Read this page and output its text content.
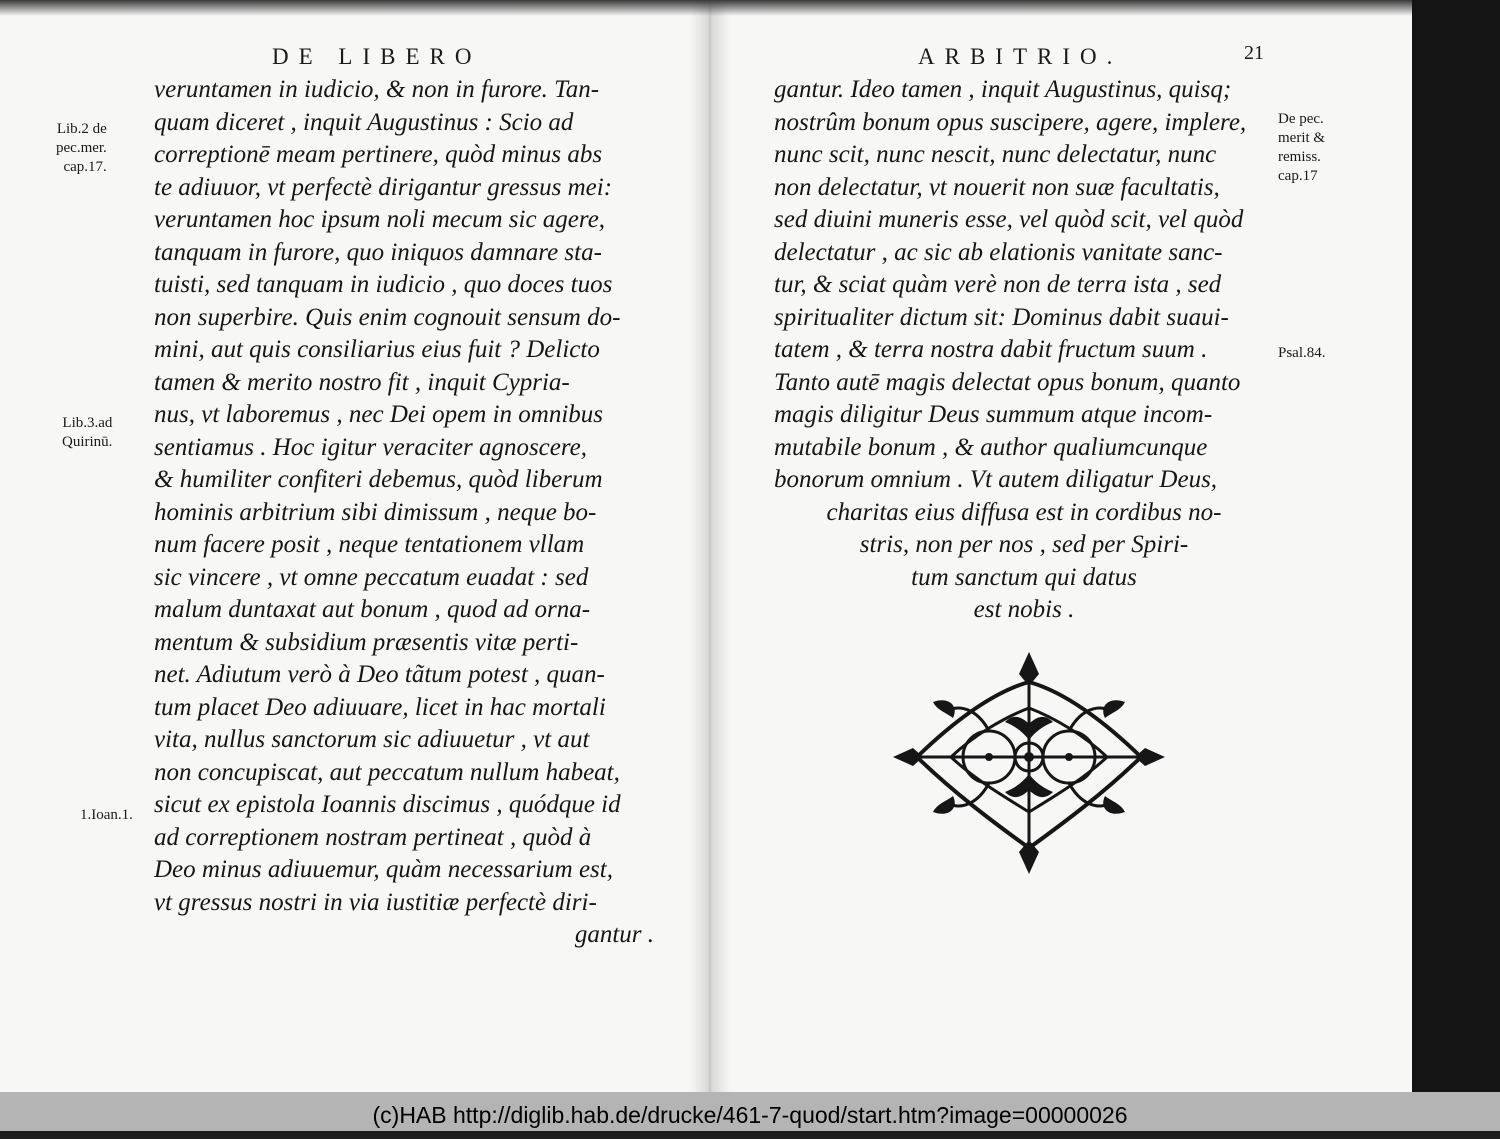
DE LIBERO	ARBITRIO.	21
veruntamen in iudicio, & non in furore. Tan-
quam diceret , inquit Augustinus : Scio ad
correptionē meam pertinere, quòd minus abs
te adiuuor, vt perfectè dirigantur gressus mei:
veruntamen hoc ipsum noli mecum sic agere,
tanquam in furore, quo iniquos damnare sta-
tuisti, sed tanquam in iudicio , quo doces tuos
non superbire. Quis enim cognouit sensum do-
mini, aut quis consiliarius eius fuit ? Delicto
tamen & merito nostro fit , inquit Cypria-
nus, vt laboremus , nec Dei opem in omnibus
sentiamus . Hoc igitur veraciter agnoscere,
& humiliter confiteri debemus, quòd liberum
hominis arbitrium sibi dimissum , neque bo-
num facere posit , neque tentationem vllam
sic vincere , vt omne peccatum euadat : sed
malum duntaxat aut bonum , quod ad orna-
mentum & subsidium præsentis vitæ perti-
net. Adiutum verò à Deo tãtum potest , quan-
tum placet Deo adiuuare, licet in hac mortali
vita, nullus sanctorum sic adiuuetur , vt aut
non concupiscat, aut peccatum nullum habeat,
sicut ex epistola Ioannis discimus , quódque id
ad correptionem nostram pertineat , quòd à
Deo minus adiuuemur, quàm necessarium est,
vt gressus nostri in via iustitiæ perfectè diri-
gantur .
Lib.2 de
pec.mer.
cap.17.
Lib.3.ad
Quirinū.
1.Ioan.1.
gantur. Ideo tamen , inquit Augustinus, quisq;
nostrûm bonum opus suscipere, agere, implere,
nunc scit, nunc nescit, nunc delectatur, nunc
non delectatur, vt nouerit non suæ facultatis,
sed diuini muneris esse, vel quòd scit, vel quòd
delectatur , ac sic ab elationis vanitate sanc-
tur, & sciat quàm verè non de terra ista , sed
spiritualiter dictum sit: Dominus dabit suaui-
tatem , & terra nostra dabit fructum suum .
Tanto autē magis delectat opus bonum, quanto
magis diligitur Deus summum atque incom-
mutabile bonum , & author qualiumcunque
bonorum omnium . Vt autem diligatur Deus,
charitas eius diffusa est in cordibus no-
stris, non per nos , sed per Spiri-
tum sanctum qui datus
est nobis .
De pec.
merit &
remiss.
cap.17
Psal.84.
(c)HAB http://diglib.hab.de/drucke/461-7-quod/start.htm?image=00000026
